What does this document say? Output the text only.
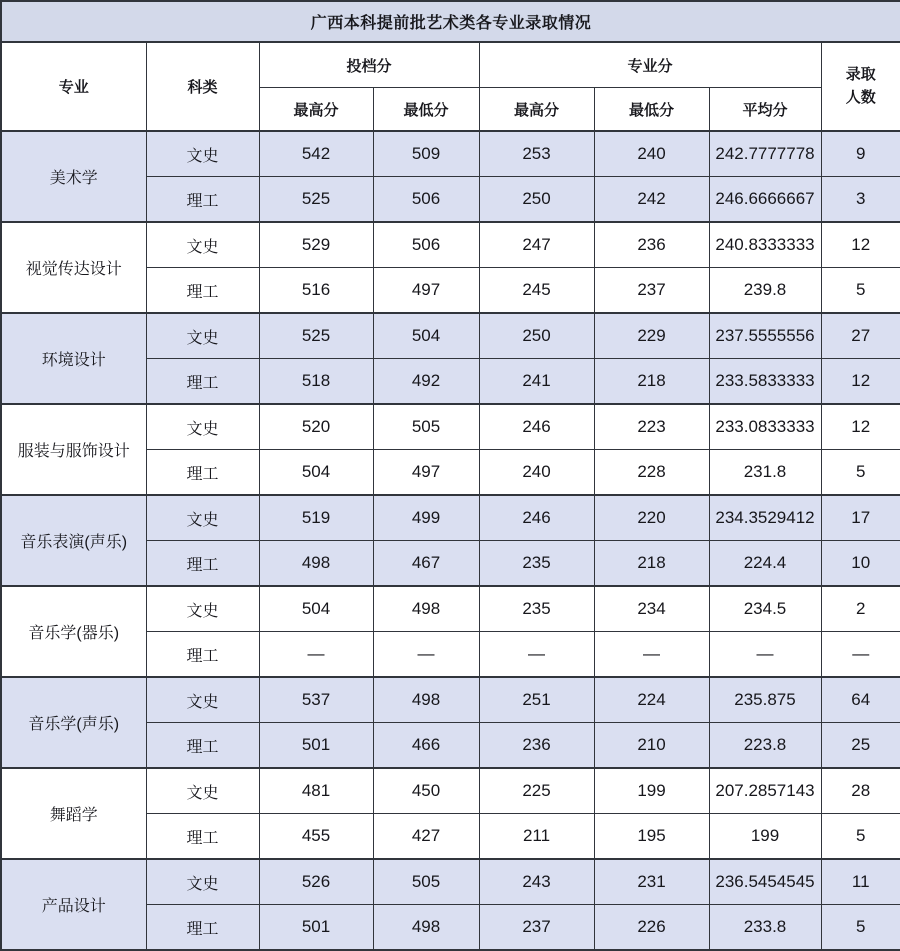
广西本科提前批艺术类各专业录取情况							
专业	科类	投档分		专业分			录取人数
		最高分	最低分	最高分	最低分	平均分	
美术学	文史	542	509	253	240	242.7777778	9
	理工	525	506	250	242	246.6666667	3
视觉传达设计	文史	529	506	247	236	240.8333333	12
	理工	516	497	245	237	239.8	5
环境设计	文史	525	504	250	229	237.5555556	27
	理工	518	492	241	218	233.5833333	12
服装与服饰设计	文史	520	505	246	223	233.0833333	12
	理工	504	497	240	228	231.8	5
音乐表演(声乐)	文史	519	499	246	220	234.3529412	17
	理工	498	467	235	218	224.4	10
音乐学(器乐)	文史	504	498	235	234	234.5	2
	理工	—	—	—	—	—	—
音乐学(声乐)	文史	537	498	251	224	235.875	64
	理工	501	466	236	210	223.8	25
舞蹈学	文史	481	450	225	199	207.2857143	28
	理工	455	427	211	195	199	5
产品设计	文史	526	505	243	231	236.5454545	11
	理工	501	498	237	226	233.8	5
